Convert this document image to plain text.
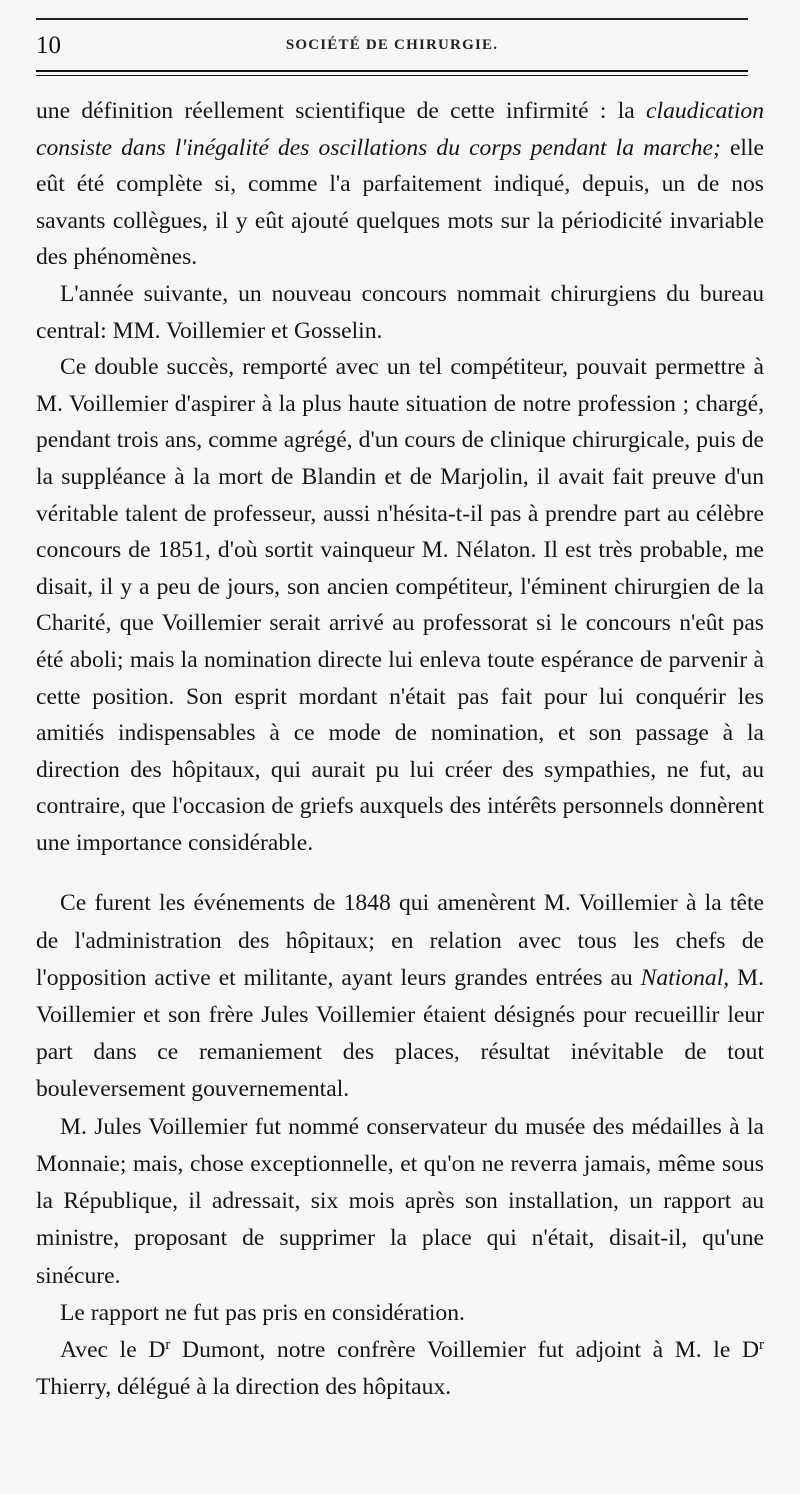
10	SOCIÉTÉ DE CHIRURGIE.

une définition réellement scientifique de cette infirmité : la claudication consiste dans l'inégalité des oscillations du corps pendant la marche; elle eût été complète si, comme l'a parfaitement indiqué, depuis, un de nos savants collègues, il y eût ajouté quelques mots sur la périodicité invariable des phénomènes.

L'année suivante, un nouveau concours nommait chirurgiens du bureau central: MM. Voillemier et Gosselin.

Ce double succès, remporté avec un tel compétiteur, pouvait permettre à M. Voillemier d'aspirer à la plus haute situation de notre profession ; chargé, pendant trois ans, comme agrégé, d'un cours de clinique chirurgicale, puis de la suppléance à la mort de Blandin et de Marjolin, il avait fait preuve d'un véritable talent de professeur, aussi n'hésita-t-il pas à prendre part au célèbre concours de 1851, d'où sortit vainqueur M. Nélaton. Il est très probable, me disait, il y a peu de jours, son ancien compétiteur, l'éminent chirurgien de la Charité, que Voillemier serait arrivé au professorat si le concours n'eût pas été aboli; mais la nomination directe lui enleva toute espérance de parvenir à cette position. Son esprit mordant n'était pas fait pour lui conquérir les amitiés indispensables à ce mode de nomination, et son passage à la direction des hôpitaux, qui aurait pu lui créer des sympathies, ne fut, au contraire, que l'occasion de griefs auxquels des intérêts personnels donnèrent une importance considérable.

Ce furent les événements de 1848 qui amenèrent M. Voillemier à la tête de l'administration des hôpitaux; en relation avec tous les chefs de l'opposition active et militante, ayant leurs grandes entrées au National, M. Voillemier et son frère Jules Voillemier étaient désignés pour recueillir leur part dans ce remaniement des places, résultat inévitable de tout bouleversement gouvernemental.

M. Jules Voillemier fut nommé conservateur du musée des médailles à la Monnaie; mais, chose exceptionnelle, et qu'on ne reverra jamais, même sous la République, il adressait, six mois après son installation, un rapport au ministre, proposant de supprimer la place qui n'était, disait-il, qu'une sinécure.

Le rapport ne fut pas pris en considération.

Avec le $D^r$ Dumont, notre confrère Voillemier fut adjoint à M. le $D^r$ Thierry, délégué à la direction des hôpitaux.
